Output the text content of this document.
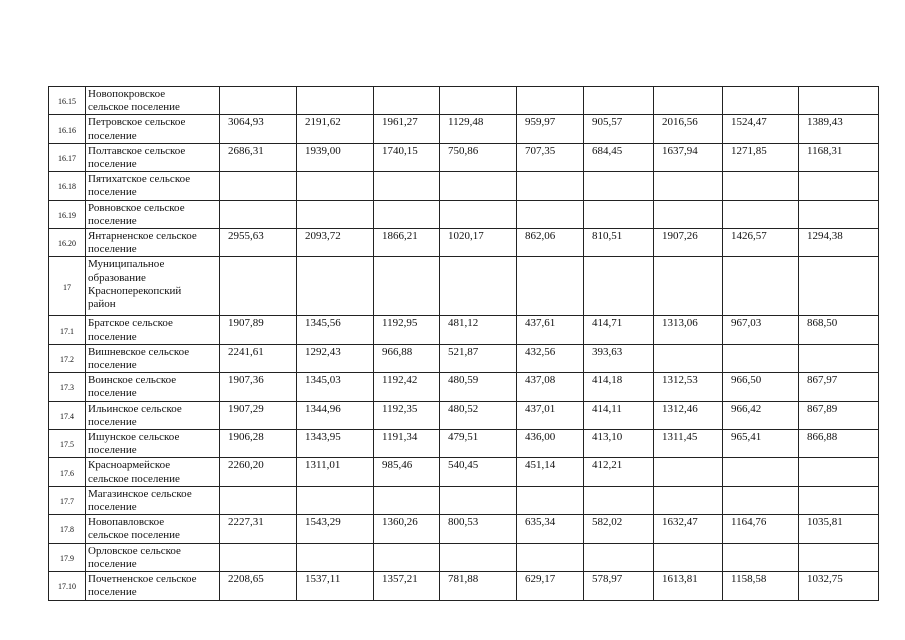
16.15	Новопокровское
сельское поселение									
16.16	Петровское сельское
поселение	3064,93	2191,62	1961,27	1129,48	959,97	905,57	2016,56	1524,47	1389,43
16.17	Полтавское сельское
поселение	2686,31	1939,00	1740,15	750,86	707,35	684,45	1637,94	1271,85	1168,31
16.18	Пятихатское сельское
поселение									
16.19	Ровновское сельское
поселение									
16.20	Янтарненское сельское
поселение	2955,63	2093,72	1866,21	1020,17	862,06	810,51	1907,26	1426,57	1294,38
17	Муниципальное
образование
Красноперекопский
район									
17.1	Братское сельское
поселение	1907,89	1345,56	1192,95	481,12	437,61	414,71	1313,06	967,03	868,50
17.2	Вишневское сельское
поселение	2241,61	1292,43	966,88	521,87	432,56	393,63			
17.3	Воинское сельское
поселение	1907,36	1345,03	1192,42	480,59	437,08	414,18	1312,53	966,50	867,97
17.4	Ильинское сельское
поселение	1907,29	1344,96	1192,35	480,52	437,01	414,11	1312,46	966,42	867,89
17.5	Ишунское сельское
поселение	1906,28	1343,95	1191,34	479,51	436,00	413,10	1311,45	965,41	866,88
17.6	Красноармейское
сельское поселение	2260,20	1311,01	985,46	540,45	451,14	412,21			
17.7	Магазинское сельское
поселение									
17.8	Новопавловское
сельское поселение	2227,31	1543,29	1360,26	800,53	635,34	582,02	1632,47	1164,76	1035,81
17.9	Орловское сельское
поселение									
17.10	Почетненское сельское
поселение	2208,65	1537,11	1357,21	781,88	629,17	578,97	1613,81	1158,58	1032,75
